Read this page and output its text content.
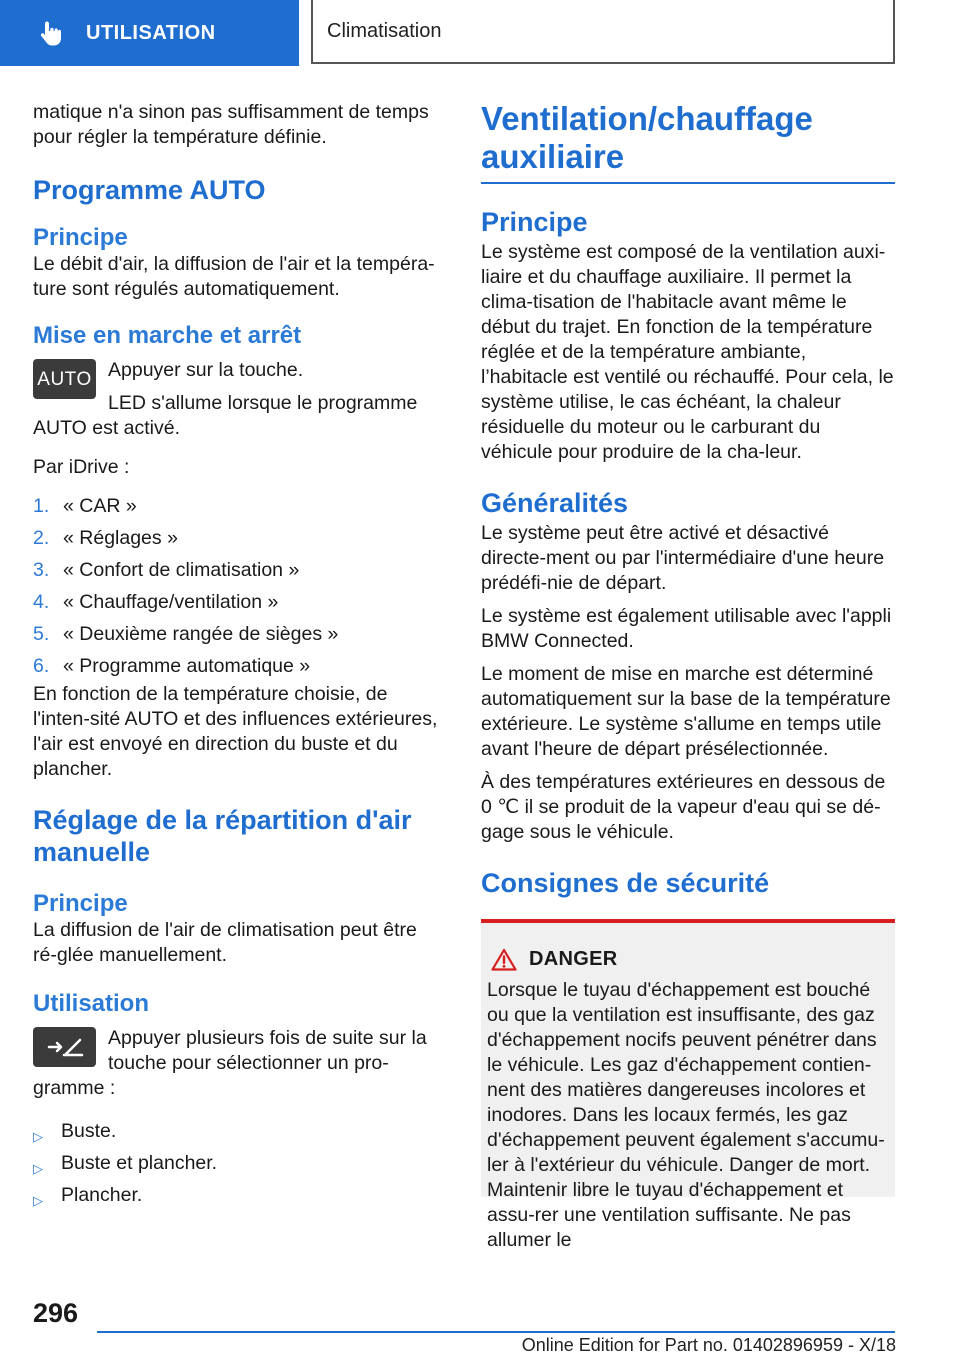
UTILISATION	Climatisation

matique n'a sinon pas suffisamment de temps pour régler la température définie.

Programme AUTO
Principe

Le débit d'air, la diffusion de l'air et la tempéra-ture sont régulés automatiquement.

Mise en marche et arrêt
AUTO Appuyer sur la touche.

LED s'allume lorsque le programme AUTO est activé.

Par iDrive :

1. « CAR »
2. « Réglages »
3. « Confort de climatisation »
4. « Chauffage/ventilation »
5. « Deuxième rangée de sièges »
6. « Programme automatique »

En fonction de la température choisie, de l'inten-sité AUTO et des influences extérieures, l'air est envoyé en direction du buste et du plancher.

Réglage de la répartition d'air manuelle
Principe

La diffusion de l'air de climatisation peut être ré-glée manuellement.

Utilisation

Appuyer plusieurs fois de suite sur la touche pour sélectionner un pro-gramme :

▷ Buste.
▷ Buste et plancher.
▷ Plancher.
Ventilation/chauffage auxiliaire
Principe

Le système est composé de la ventilation auxi-liaire et du chauffage auxiliaire. Il permet la clima-tisation de l'habitacle avant même le début du trajet. En fonction de la température réglée et de la température ambiante, l’habitacle est ventilé ou réchauffé. Pour cela, le système utilise, le cas échéant, la chaleur résiduelle du moteur ou le carburant du véhicule pour produire de la cha-leur.

Généralités

Le système peut être activé et désactivé directe-ment ou par l'intermédiaire d'une heure prédéfi-nie de départ.

Le système est également utilisable avec l'appli BMW Connected.

Le moment de mise en marche est déterminé automatiquement sur la base de la température extérieure. Le système s'allume en temps utile avant l'heure de départ présélectionnée.

À des températures extérieures en dessous de 0 ℃ il se produit de la vapeur d'eau qui se dé-gage sous le véhicule.

Consignes de sécurité
DANGER

Lorsque le tuyau d'échappement est bouché ou que la ventilation est insuffisante, des gaz d'échappement nocifs peuvent pénétrer dans le véhicule. Les gaz d'échappement contien-nent des matières dangereuses incolores et inodores. Dans les locaux fermés, les gaz d'échappement peuvent également s'accumu-ler à l'extérieur du véhicule. Danger de mort. Maintenir libre le tuyau d'échappement et assu-rer une ventilation suffisante. Ne pas allumer le

296
Online Edition for Part no. 01402896959 - X/18
